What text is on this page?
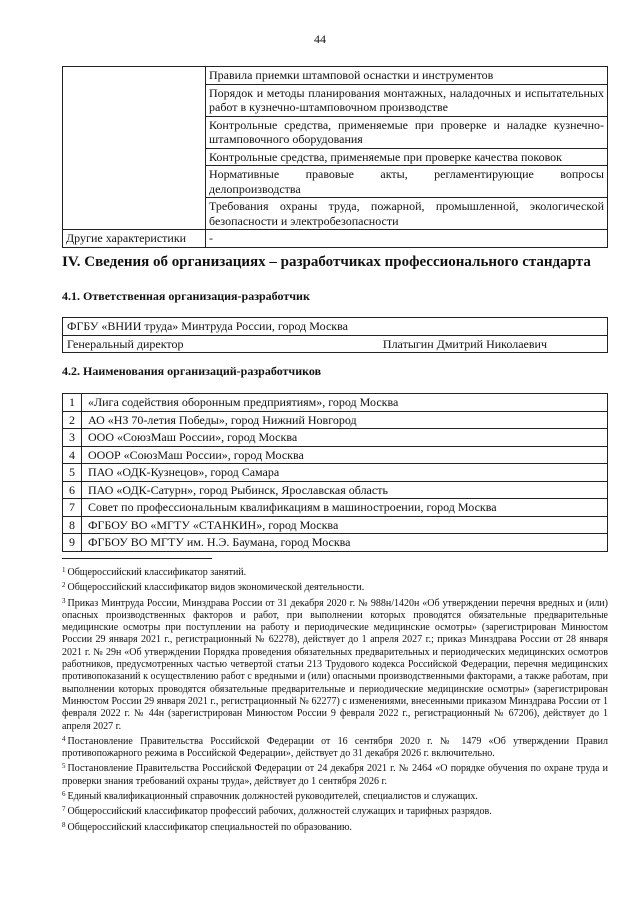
44
	Правила приемки штамповой оснастки и инструментов
	Порядок и методы планирования монтажных, наладочных и испытательных работ в кузнечно-штамповочном производстве
	Контрольные средства, применяемые при проверке и наладке кузнечно-штамповочного оборудования
	Контрольные средства, применяемые при проверке качества поковок
	Нормативные правовые акты, регламентирующие вопросы делопроизводства
	Требования охраны труда, пожарной, промышленной, экологической безопасности и электробезопасности
Другие характеристики	-
IV. Сведения об организациях – разработчиках профессионального стандарта
4.1. Ответственная организация-разработчик
ФГБУ «ВНИИ труда» Минтруда России, город Москва

Генеральный директор	Платыгин Дмитрий Николаевич
4.2. Наименования организаций-разработчиков
1	«Лига содействия оборонным предприятиям», город Москва
2	АО «НЗ 70-летия Победы», город Нижний Новгород
3	ООО «СоюзМаш России», город Москва
4	ОООР «СоюзМаш России», город Москва
5	ПАО «ОДК-Кузнецов», город Самара
6	ПАО «ОДК-Сатурн», город Рыбинск, Ярославская область
7	Совет по профессиональным квалификациям в машиностроении, город Москва
8	ФГБОУ ВО «МГТУ «СТАНКИН», город Москва
9	ФГБОУ ВО МГТУ им. Н.Э. Баумана, город Москва

$^1$ Общероссийский классификатор занятий.

$^2$ Общероссийский классификатор видов экономической деятельности.

$^3$ Приказ Минтруда России, Минздрава России от 31 декабря 2020 г. № 988н/1420н «Об утверждении перечня вредных и (или) опасных производственных факторов и работ, при выполнении которых проводятся обязательные предварительные медицинские осмотры при поступлении на работу и периодические медицинские осмотры» (зарегистрирован Минюстом России 29 января 2021 г., регистрационный № 62278), действует до 1 апреля 2027 г.; приказ Минздрава России от 28 января 2021 г. № 29н «Об утверждении Порядка проведения обязательных предварительных и периодических медицинских осмотров работников, предусмотренных частью четвертой статьи 213 Трудового кодекса Российской Федерации, перечня медицинских противопоказаний к осуществлению работ с вредными и (или) опасными производственными факторами, а также работам, при выполнении которых проводятся обязательные предварительные и периодические медицинские осмотры» (зарегистрирован Минюстом России 29 января 2021 г., регистрационный № 62277) с изменениями, внесенными приказом Минздрава России от 1 февраля 2022 г. № 44н (зарегистрирован Минюстом России 9 февраля 2022 г., регистрационный № 67206), действует до 1 апреля 2027 г.

$^4$ Постановление Правительства Российской Федерации от 16 сентября 2020 г. № 1479 «Об утверждении Правил противопожарного режима в Российской Федерации», действует до 31 декабря 2026 г. включительно.

$^5$ Постановление Правительства Российской Федерации от 24 декабря 2021 г. № 2464 «О порядке обучения по охране труда и проверки знания требований охраны труда», действует до 1 сентября 2026 г.

$^6$ Единый квалификационный справочник должностей руководителей, специалистов и служащих.

$^7$ Общероссийский классификатор профессий рабочих, должностей служащих и тарифных разрядов.

$^8$ Общероссийский классификатор специальностей по образованию.
